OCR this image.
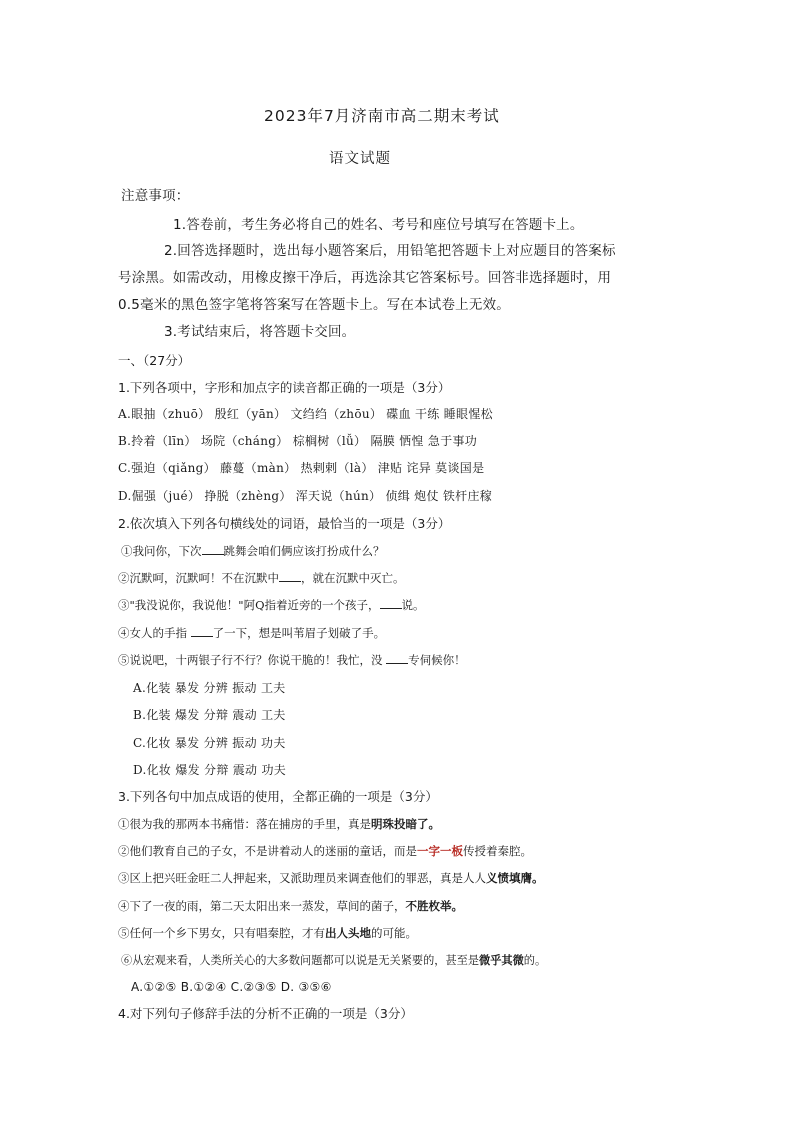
2023年7月济南市高二期末考试
语文试题
注意事项：
1.答卷前，考生务必将自己的姓名、考号和座位号填写在答题卡上。
2.回答选择题时，选出每小题答案后，用铅笔把答题卡上对应题目的答案标
号涂黑。如需改动，用橡皮擦干净后，再选涂其它答案标号。回答非选择题时，用
0.5毫米的黑色签字笔将答案写在答题卡上。写在本试卷上无效。
3.考试结束后，将答题卡交回。
一、（27分）
1.下列各项中，字形和加点字的读音都正确的一项是（3分）
A.眼抽（zhuō） 殷红（yān） 文绉绉（zhōu） 碟血 干练 睡眼惺松
B.拎着（līn） 场院（cháng） 棕榈树（lǚ） 隔膜 恓惶 急于事功
C.强迫（qiǎng） 藤蔓（màn） 热剌剌（là） 津贴 诧异 莫谈国是
D.倔强（jué） 挣脱（zhèng） 浑天说（hún） 侦缉 炮仗 铁杆庄稼
2.依次填入下列各句横线处的词语，最恰当的一项是（3分）
①我问你，下次 跳舞会咱们俩应该打扮成什么？
②沉默呵，沉默呵！不在沉默中 ，就在沉默中灭亡。
③"我没说你，我说他！"阿Q指着近旁的一个孩子， 说。
④女人的手指 了一下，想是叫苇眉子划破了手。
⑤说说吧，十两银子行不行？你说干脆的！我忙，没 专伺候你！
A.化装 暴发 分辨 振动 工夫
B.化装 爆发 分辩 震动 工夫
C.化妆 暴发 分辨 振动 功夫
D.化妆 爆发 分辩 震动 功夫
3.下列各句中加点成语的使用，全都正确的一项是（3分）
①很为我的那两本书痛惜：落在捕房的手里，真是明珠投暗了。
②他们教育自己的子女，不是讲着动人的迷丽的童话，而是一字一板传授着秦腔。
③区上把兴旺金旺二人押起来，又派助理员来调查他们的罪恶，真是人人义愤填膺。
④下了一夜的雨，第二天太阳出来一蒸发，草间的菌子，不胜枚举。
⑤任何一个乡下男女，只有唱秦腔，才有出人头地的可能。
⑥从宏观来看，人类所关心的大多数问题都可以说是无关紧要的，甚至是微乎其微的。
A.①②⑤ B.①②④ C.②③⑤ D. ③⑤⑥
4.对下列句子修辞手法的分析不正确的一项是（3分）
